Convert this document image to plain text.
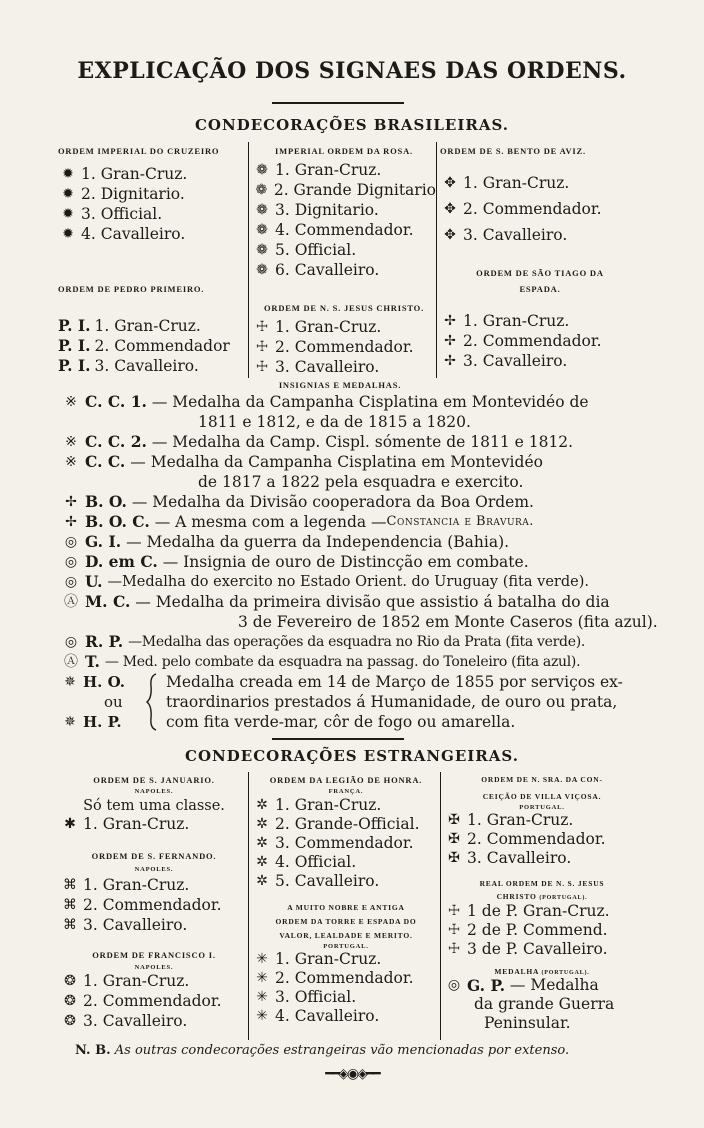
EXPLICAÇÃO DOS SIGNAES DAS ORDENS.
CONDECORAÇÕES BRASILEIRAS.
ORDEM IMPERIAL DO CRUZEIRO
✹ 1. Gran-Cruz.
✹ 2. Dignitario.
✹ 3. Official.
✹ 4. Cavalleiro.
ORDEM DE PEDRO PRIMEIRO.
P. I. 1. Gran-Cruz.
P. I. 2. Commendador
P. I. 3. Cavalleiro.
IMPERIAL ORDEM DA ROSA.
❁ 1. Gran-Cruz.
❁ 2. Grande Dignitario
❁ 3. Dignitario.
❁ 4. Commendador.
❁ 5. Official.
❁ 6. Cavalleiro.
ORDEM DE N. S. JESUS CHRISTO.
☩ 1. Gran-Cruz.
☩ 2. Commendador.
☩ 3. Cavalleiro.
ORDEM DE S. BENTO DE AVIZ.
✥ 1. Gran-Cruz.
✥ 2. Commendador.
✥ 3. Cavalleiro.
ORDEM DE SÃO TIAGO DA
ESPADA.
✢ 1. Gran-Cruz.
✢ 2. Commendador.
✢ 3. Cavalleiro.
INSIGNIAS E MEDALHAS.
※ C. C. 1.
— Medalha da Campanha Cisplatina em Montevidéo de
1811 e 1812, e da de 1815 a 1820.
※ C. C. 2.
— Medalha da Camp. Cispl. sómente de 1811 e 1812.
※ C. C.
— Medalha da Campanha Cisplatina em Montevidéo
de 1817 a 1822 pela esquadra e exercito.
✢ B. O.
— Medalha da Divisão cooperadora da Boa Ordem.
✢ B. O. C.
— A mesma com a legenda — Constancia e Bravura.
◎ G. I.
— Medalha da guerra da Independencia (Bahia).
◎ D. em C.
— Insignia de ouro de Distincção em combate.
◎ U.
—Medalha do exercito no Estado Orient. do Uruguay (fita verde).
Ⓐ M. C.
— Medalha da primeira divisão que assistio á batalha do dia
3 de Fevereiro de 1852 em Monte Caseros (fita azul).
◎ R. P.
—Medalha das operações da esquadra no Rio da Prata (fita verde).
Ⓐ T.
— Med. pelo combate da esquadra na passag. do Toneleiro (fita azul).
✵ H. O.
ou
✵ H. P.
Medalha creada em 14 de Março de 1855 por serviços ex-
traordinarios prestados á Humanidade, de ouro ou prata,
com fita verde-mar, côr de fogo ou amarella.
CONDECORAÇÕES ESTRANGEIRAS.
ORDEM DE S. JANUARIO.
NAPOLES.
Só tem uma classe.
✱ 1. Gran-Cruz.
ORDEM DE S. FERNANDO.
NAPOLES.
⌘ 1. Gran-Cruz.
⌘ 2. Commendador.
⌘ 3. Cavalleiro.
ORDEM DE FRANCISCO I.
NAPOLES.
❂ 1. Gran-Cruz.
❂ 2. Commendador.
❂ 3. Cavalleiro.
ORDEM DA LEGIÃO DE HONRA.
FRANÇA.
✲ 1. Gran-Cruz.
✲ 2. Grande-Official.
✲ 3. Commendador.
✲ 4. Official.
✲ 5. Cavalleiro.
A MUITO NOBRE E ANTIGA
ORDEM DA TORRE E ESPADA DO
VALOR, LEALDADE E MERITO.
PORTUGAL.
✳ 1. Gran-Cruz.
✳ 2. Commendador.
✳ 3. Official.
✳ 4. Cavalleiro.
ORDEM DE N. SRA. DA CON-
CEIÇÃO DE VILLA VIÇOSA.
PORTUGAL.
✠ 1. Gran-Cruz.
✠ 2. Commendador.
✠ 3. Cavalleiro.
REAL ORDEM DE N. S. JESUS
CHRISTO (PORTUGAL).
☩ 1 de P. Gran-Cruz.
☩ 2 de P. Commend.
☩ 3 de P. Cavalleiro.
MEDALHA (PORTUGAL).
◎ G. P.
— Medalha
da grande Guerra
Peninsular.
N. B. As outras condecorações estrangeiras vão mencionadas por extenso.
━━◈◉◈━━
